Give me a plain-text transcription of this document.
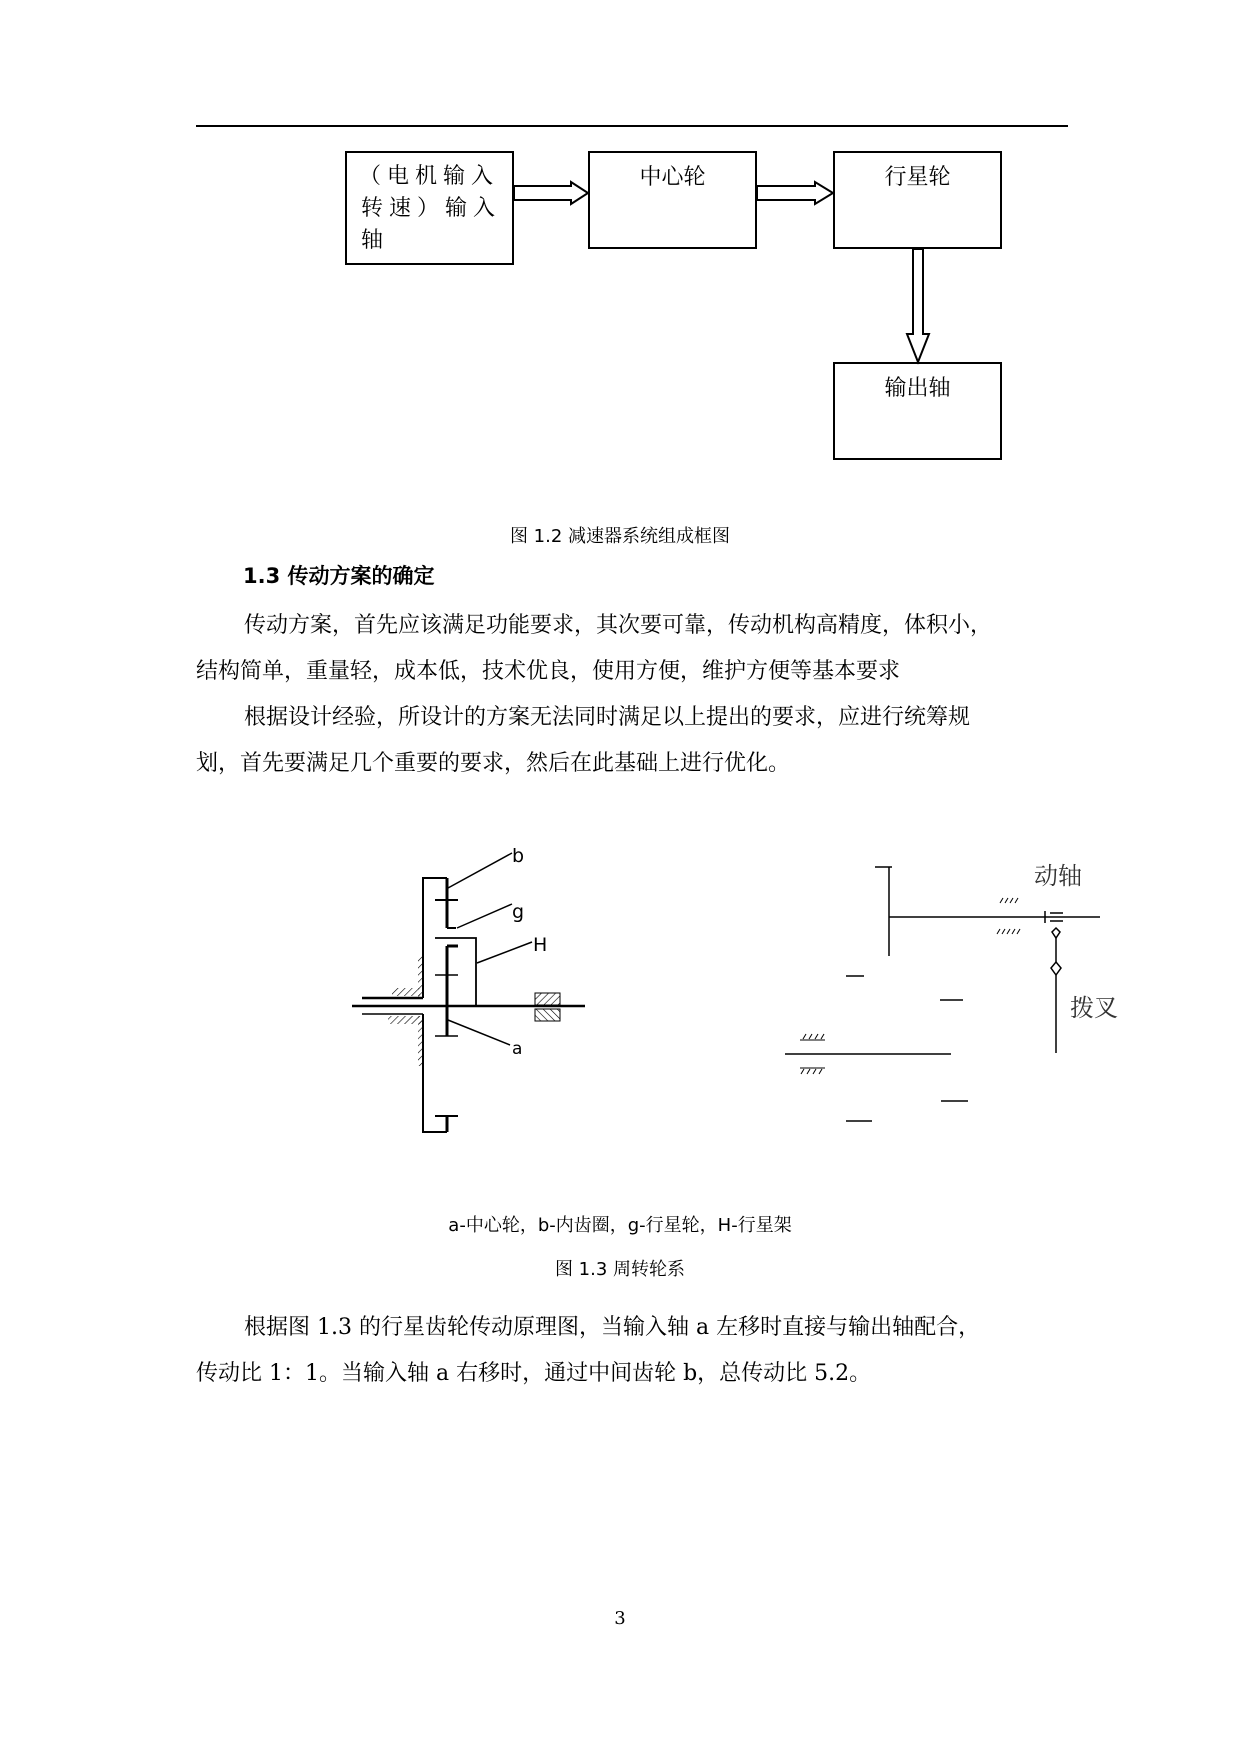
（电机输入
转速）输入
轴
中心轮	行星轮
输出轴
图 1.2 减速器系统组成框图
1.3 传动方案的确定
传动方案，首先应该满足功能要求，其次要可靠，传动机构高精度，体积小，
结构简单，重量轻，成本低，技术优良，使用方便，维护方便等基本要求
根据设计经验，所设计的方案无法同时满足以上提出的要求，应进行统筹规
划，首先要满足几个重要的要求，然后在此基础上进行优化。
b
g
H
a
动轴
拨叉
a-中心轮，b-内齿圈，g-行星轮，H-行星架
图 1.3 周转轮系
根据图 1.3 的行星齿轮传动原理图，当输入轴 a 左移时直接与输出轴配合，
传动比 1：1。当输入轴 a 右移时，通过中间齿轮 b，总传动比 5.2。
3
